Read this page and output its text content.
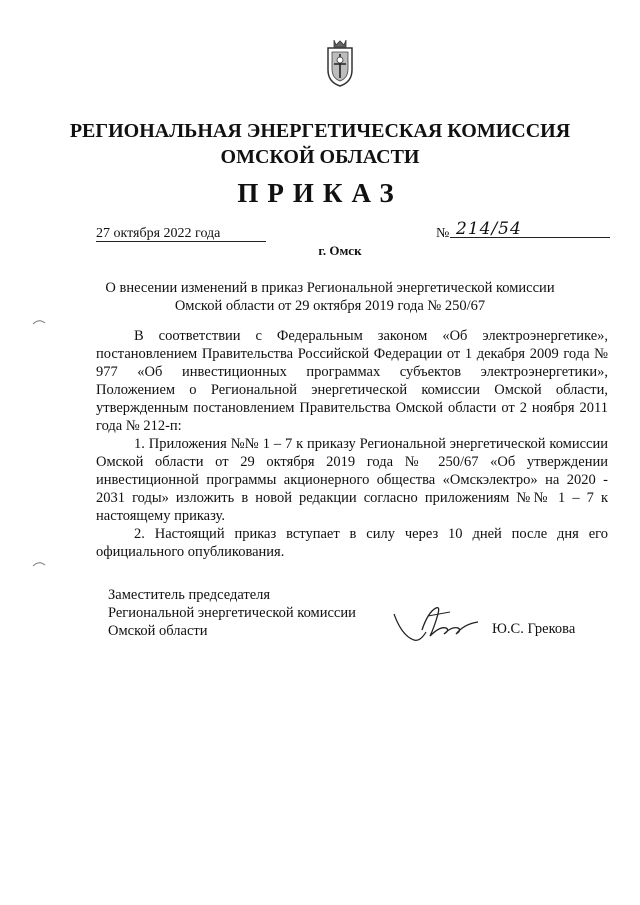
РЕГИОНАЛЬНАЯ ЭНЕРГЕТИЧЕСКАЯ КОМИССИЯ
ОМСКОЙ ОБЛАСТИ
ПРИКАЗ
27 октября 2022 года	№ 214/54
г. Омск
О внесении изменений в приказ Региональной энергетической комиссии Омской области от 29 октября 2019 года № 250/67

В соответствии с Федеральным законом «Об электроэнергетике», постановлением Правительства Российской Федерации от 1 декабря 2009 года № 977 «Об инвестиционных программах субъектов электроэнергетики», Положением о Региональной энергетической комиссии Омской области, утвержденным постановлением Правительства Омской области от 2 ноября 2011 года № 212-п:

1. Приложения №№ 1 – 7 к приказу Региональной энергетической комиссии Омской области от 29 октября 2019 года № 250/67 «Об утверждении инвестиционной программы акционерного общества «Омскэлектро» на 2020 - 2031 годы» изложить в новой редакции согласно приложениям №№ 1 – 7 к настоящему приказу.

2. Настоящий приказ вступает в силу через 10 дней после дня его официального опубликования.

Заместитель председателя
Региональной энергетической комиссии
Омской области	Ю.С. Грекова
